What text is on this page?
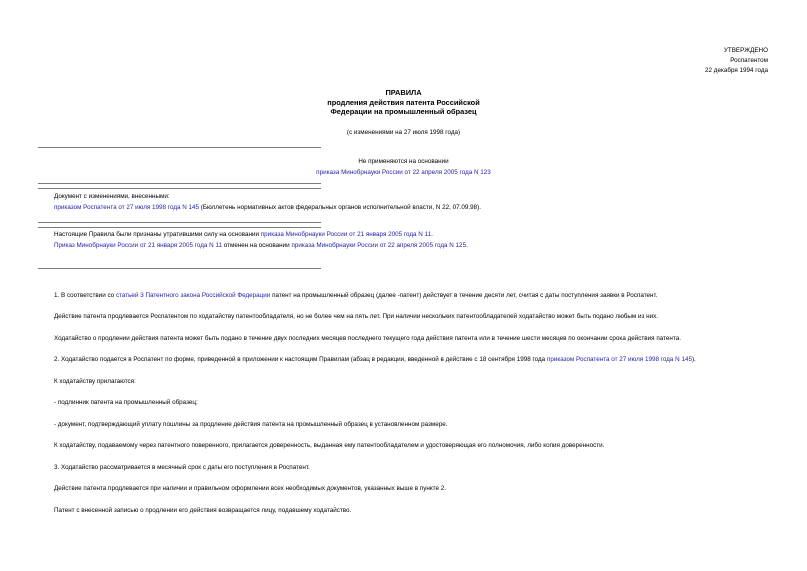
УТВЕРЖДЕНО
Роспатентом
22 декабря 1994 года
ПРАВИЛА
продления действия патента Российской
Федерации на промышленный образец
(с изменениями на 27 июля 1998 года)
Не применяются на основании
приказа Минобрнауки России от 22 апреля 2005 года N 123
Документ с изменениями, внесенными:
приказом Роспатента от 27 июля 1998 года N 145 (Бюллетень нормативных актов федеральных органов исполнительной власти, N 22, 07.09.98).
Настоящие Правила были признаны утратившими силу на основании приказа Минобрнауки России от 21 января 2005 года N 11.
Приказ Минобрнауки России от 21 января 2005 года N 11 отменен на основании приказа Минобрнауки России от 22 апреля 2005 года N 125.

1. В соответствии со статьей 3 Патентного закона Российской Федерации патент на промышленный образец (далее -патент) действует в течение десяти лет, считая с даты поступления заявки в Роспатент.

Действие патента продлевается Роспатентом по ходатайству патентообладателя, но не более чем на пять лет. При наличии нескольких патентообладателей ходатайство может быть подано любым из них.

Ходатайство о продлении действия патента может быть подано в течение двух последних месяцев последнего текущего года действия патента или в течение шести месяцев по окончании срока действия патента.

2. Ходатайство подается в Роспатент по форме, приведенной в приложении к настоящим Правилам (абзац в редакции, введенной в действие с 18 сентября 1998 года приказом Роспатента от 27 июля 1998 года N 145).

К ходатайству прилагаются:

- подлинник патента на промышленный образец;

- документ, подтверждающий уплату пошлины за продление действия патента на промышленный образец в установленном размере.

К ходатайству, подаваемому через патентного поверенного, прилагается доверенность, выданная ему патентообладателем и удостоверяющая его полномочия, либо копия доверенности.

3. Ходатайство рассматривается в месячный срок с даты его поступления в Роспатент.

Действие патента продлевается при наличии и правильном оформлении всех необходимых документов, указанных выше в пункте 2.

Патент с внесенной записью о продлении его действия возвращается лицу, подавшему ходатайство.
